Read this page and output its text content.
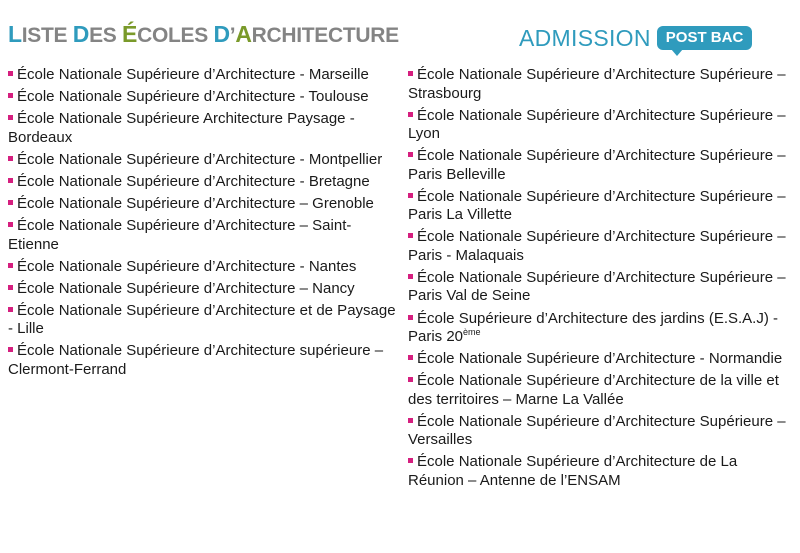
LISTE DES ÉCOLES D’ARCHITECTURE	ADMISSION	POST BAC
École Nationale Supérieure d’Architecture - Marseille
École Nationale Supérieure d’Architecture - Toulouse
École Nationale Supérieure Architecture Paysage - Bordeaux
École Nationale Supérieure d’Architecture - Montpellier
École Nationale Supérieure d’Architecture - Bretagne
École Nationale Supérieure d’Architecture – Grenoble
École Nationale Supérieure d’Architecture – Saint-Etienne
École Nationale Supérieure d’Architecture - Nantes
École Nationale Supérieure d’Architecture – Nancy
École Nationale Supérieure d’Architecture et de Paysage - Lille
École Nationale Supérieure d’Architecture supérieure – Clermont-Ferrand
École Nationale Supérieure d’Architecture Supérieure – Strasbourg
École Nationale Supérieure d’Architecture Supérieure – Lyon
École Nationale Supérieure d’Architecture Supérieure – Paris Belleville
École Nationale Supérieure d’Architecture Supérieure – Paris La Villette
École Nationale Supérieure d’Architecture Supérieure – Paris - Malaquais
École Nationale Supérieure d’Architecture Supérieure – Paris Val de Seine
École Supérieure d’Architecture des jardins (E.S.A.J) - Paris 20ème
École Nationale Supérieure d’Architecture - Normandie
École Nationale Supérieure d’Architecture de la ville et des territoires – Marne La Vallée
École Nationale Supérieure d’Architecture Supérieure – Versailles
École Nationale Supérieure d’Architecture de La Réunion – Antenne de l’ENSAM
